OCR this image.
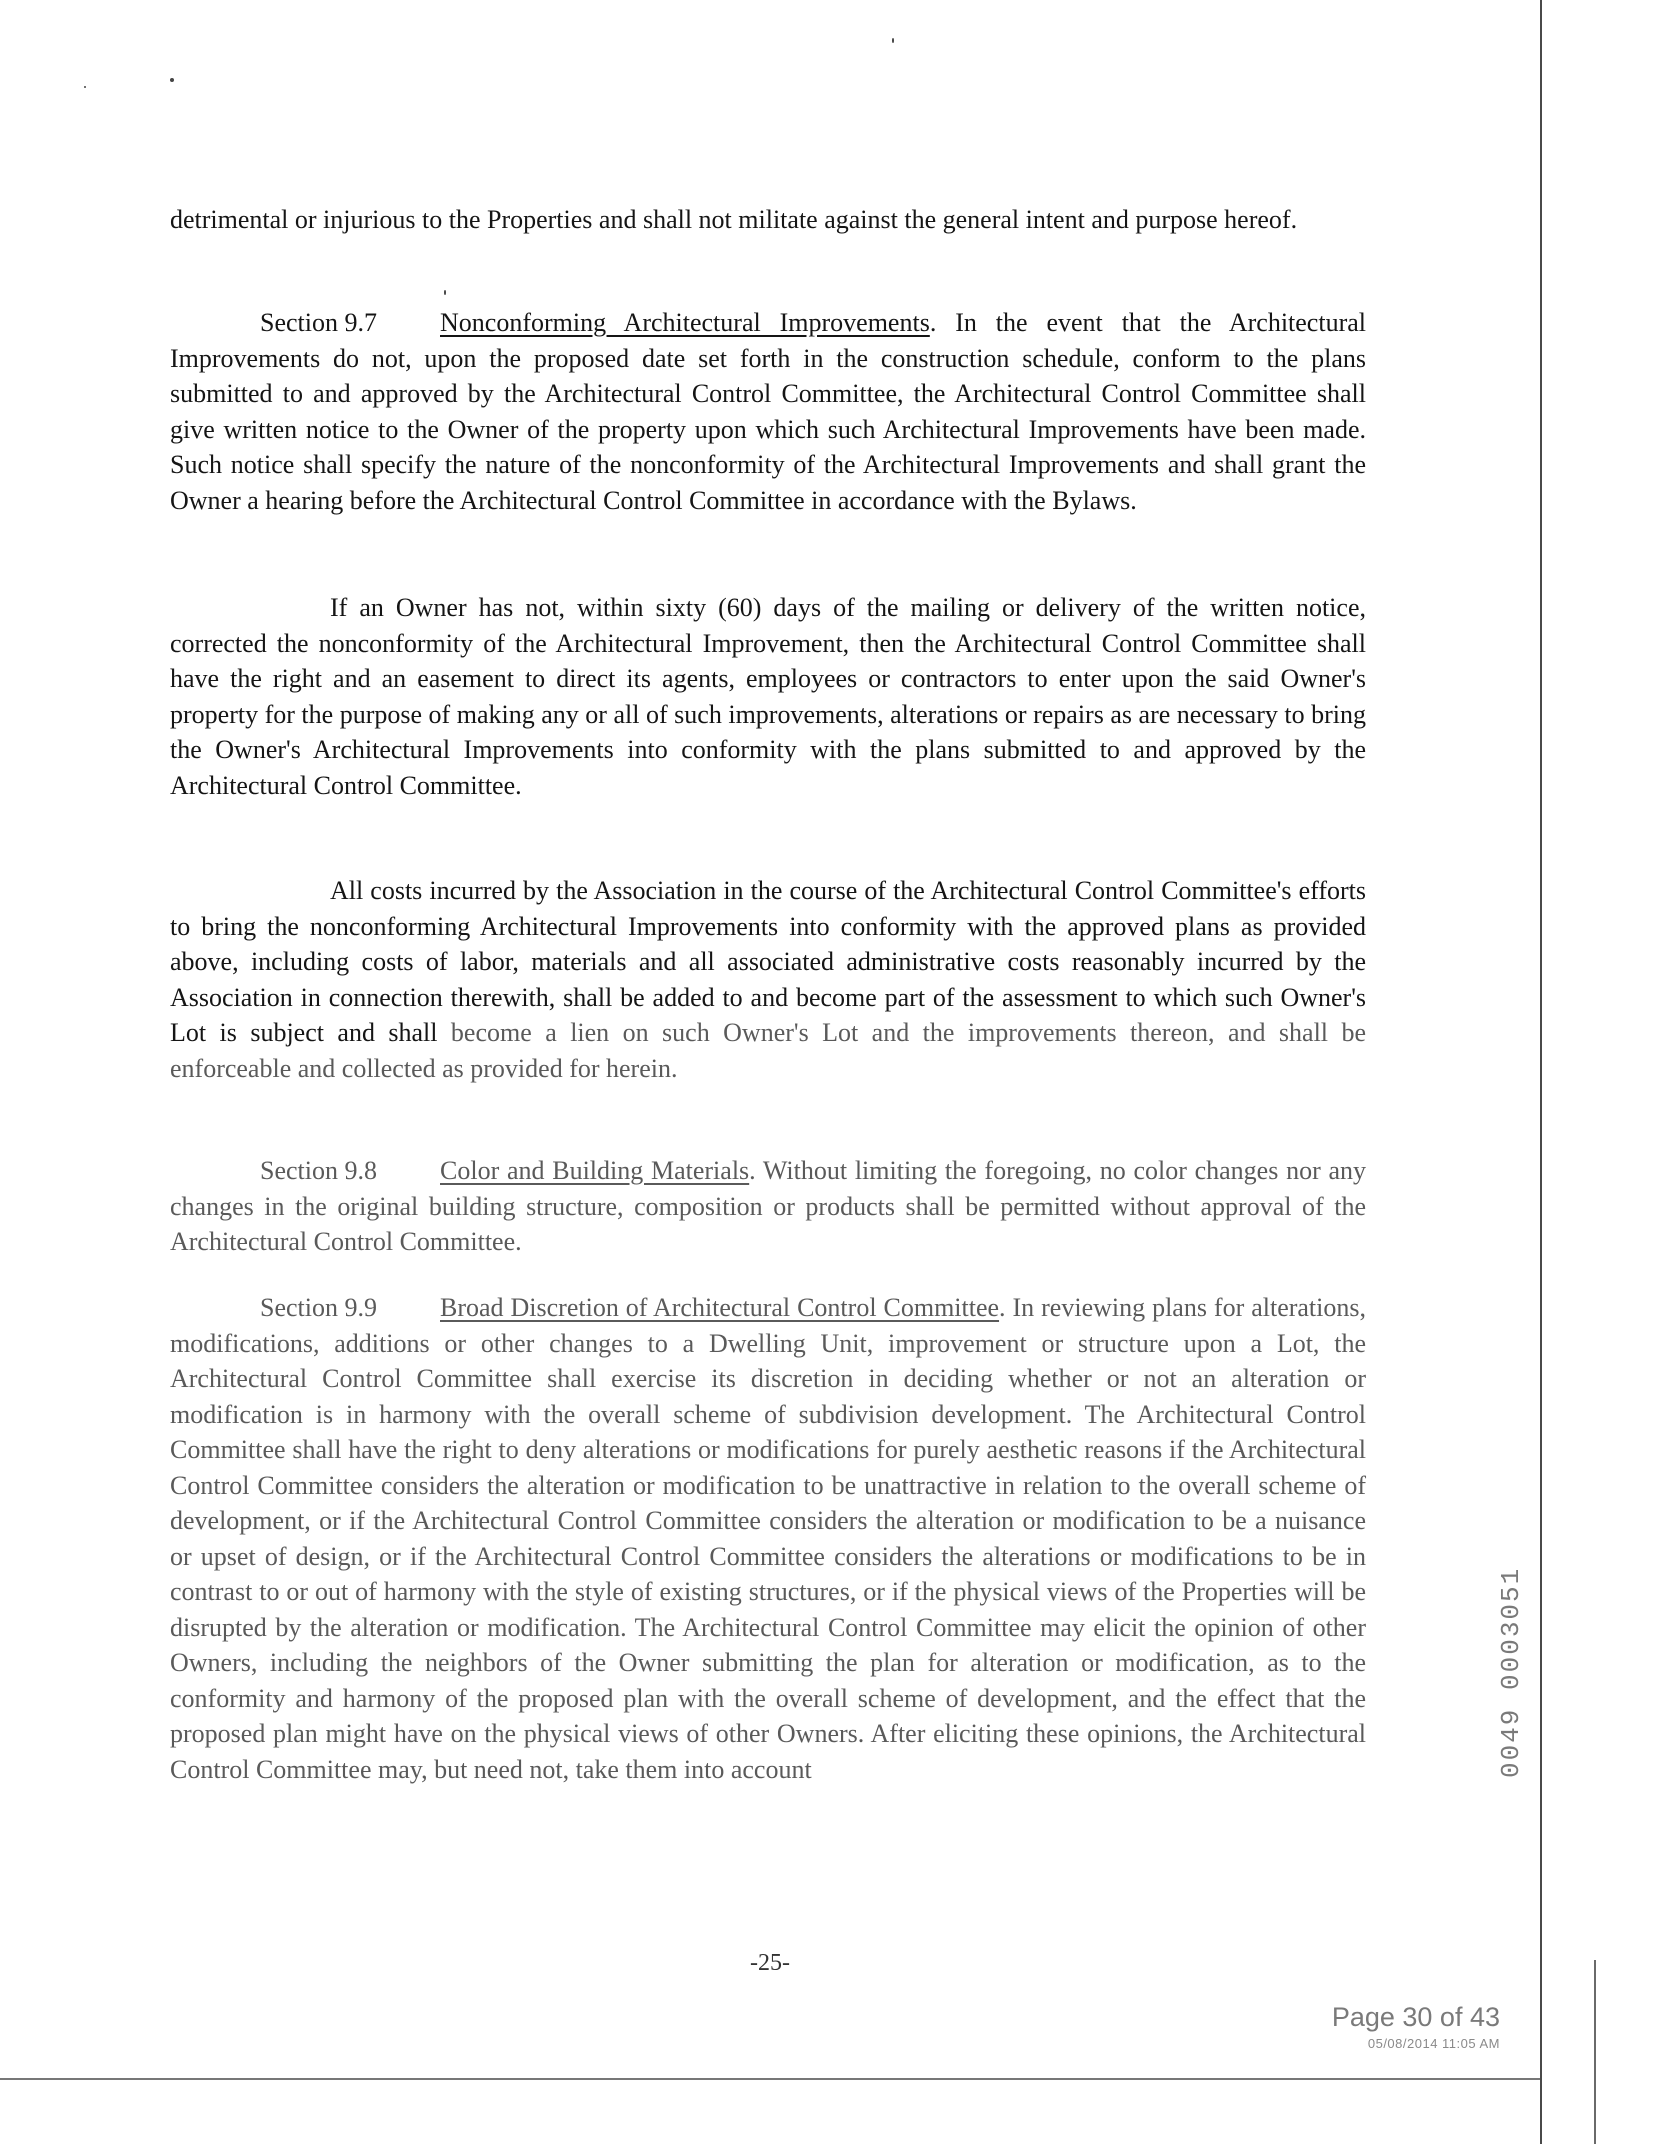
detrimental or injurious to the Properties and shall not militate against the general intent and purpose hereof.

Section 9.7 Nonconforming Architectural Improvements. In the event that the Architectural Improvements do not, upon the proposed date set forth in the construction schedule, conform to the plans submitted to and approved by the Architectural Control Committee, the Architectural Control Committee shall give written notice to the Owner of the property upon which such Architectural Improvements have been made. Such notice shall specify the nature of the nonconformity of the Architectural Improvements and shall grant the Owner a hearing before the Architectural Control Committee in accordance with the Bylaws.

If an Owner has not, within sixty (60) days of the mailing or delivery of the written notice, corrected the nonconformity of the Architectural Improvement, then the Architectural Control Committee shall have the right and an easement to direct its agents, employees or contractors to enter upon the said Owner's property for the purpose of making any or all of such improvements, alterations or repairs as are necessary to bring the Owner's Architectural Improvements into conformity with the plans submitted to and approved by the Architectural Control Committee.

All costs incurred by the Association in the course of the Architectural Control Committee's efforts to bring the nonconforming Architectural Improvements into conformity with the approved plans as provided above, including costs of labor, materials and all associated administrative costs reasonably incurred by the Association in connection therewith, shall be added to and become part of the assessment to which such Owner's Lot is subject and shall become a lien on such Owner's Lot and the improvements thereon, and shall be enforceable and collected as provided for herein.

Section 9.8 Color and Building Materials. Without limiting the foregoing, no color changes nor any changes in the original building structure, composition or products shall be permitted without approval of the Architectural Control Committee.

Section 9.9 Broad Discretion of Architectural Control Committee. In reviewing plans for alterations, modifications, additions or other changes to a Dwelling Unit, improvement or structure upon a Lot, the Architectural Control Committee shall exercise its discretion in deciding whether or not an alteration or modification is in harmony with the overall scheme of subdivision development. The Architectural Control Committee shall have the right to deny alterations or modifications for purely aesthetic reasons if the Architectural Control Committee considers the alteration or modification to be unattractive in relation to the overall scheme of development, or if the Architectural Control Committee considers the alteration or modification to be a nuisance or upset of design, or if the Architectural Control Committee considers the alterations or modifications to be in contrast to or out of harmony with the style of existing structures, or if the physical views of the Properties will be disrupted by the alteration or modification. The Architectural Control Committee may elicit the opinion of other Owners, including the neighbors of the Owner submitting the plan for alteration or modification, as to the conformity and harmony of the proposed plan with the overall scheme of development, and the effect that the proposed plan might have on the physical views of other Owners. After eliciting these opinions, the Architectural Control Committee may, but need not, take them into account

-25-
0049 0003051
Page 30 of 43
05/08/2014 11:05 AM
